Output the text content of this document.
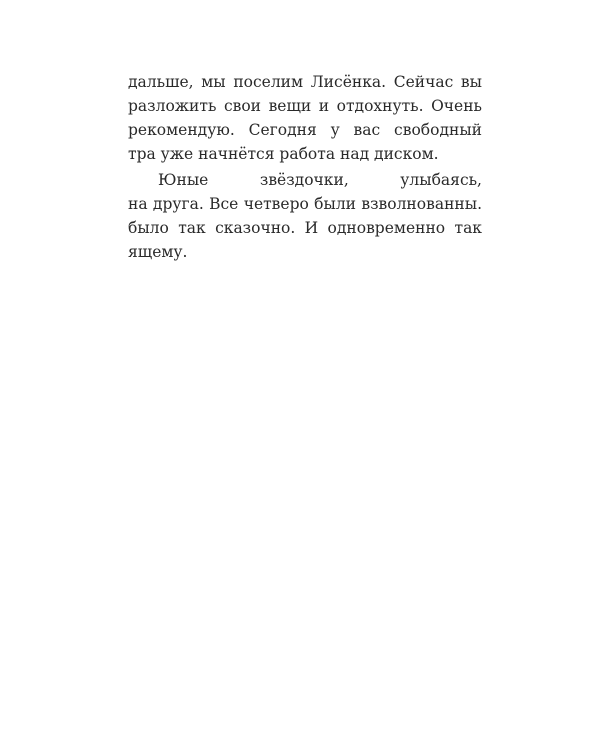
дальше, мы поселим Лисёнка. Сейчас вы
разложить свои вещи и отдохнуть. Очень
рекомендую. Сегодня у вас свободный
тра уже начнётся работа над диском.
Юные звёздочки, улыбаясь,
на друга. Все четверо были взволнованны.
было так сказочно. И одновременно так
ящему.
